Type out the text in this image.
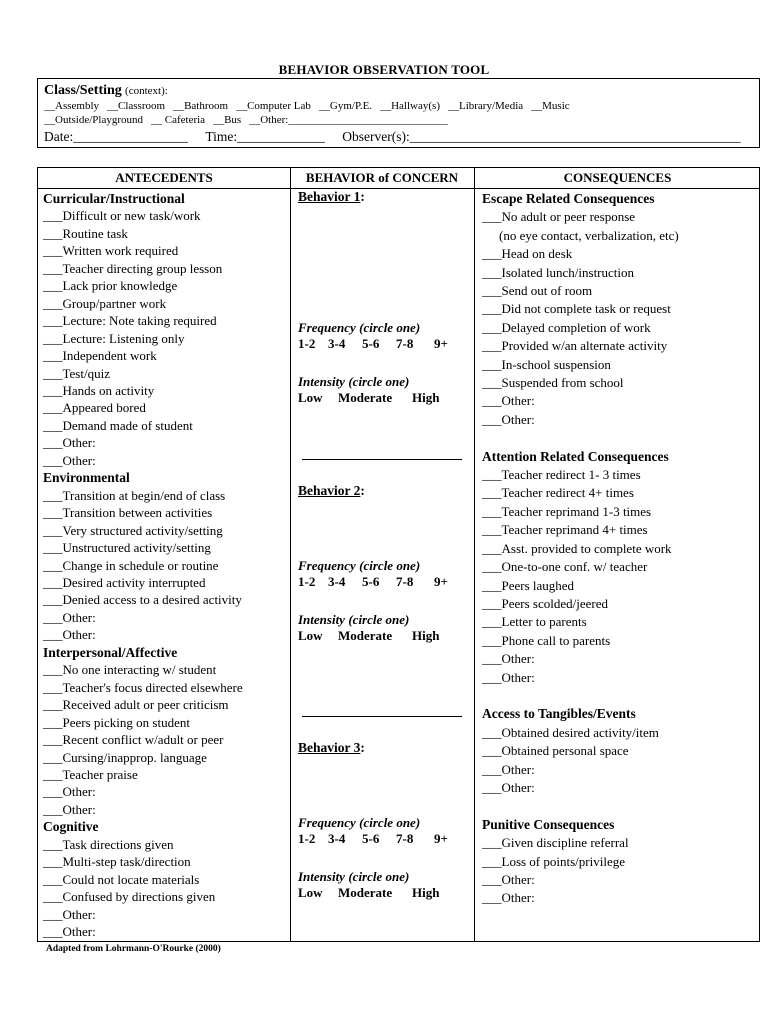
BEHAVIOR OBSERVATION TOOL
Class/Setting (context):
__Assembly __Classroom __Bathroom __Computer Lab __Gym/P.E. __Hallway(s) __Library/Media __Music
__Outside/Playground __ Cafeteria __Bus __Other:_____________________________
Date:_________________ Time:_____________ Observer(s):_________________________________________________
ANTECEDENTS	BEHAVIOR of CONCERN	CONSEQUENCES
Curricular/Instructional
___Difficult or new task/work
___Routine task
___Written work required
___Teacher directing group lesson
___Lack prior knowledge
___Group/partner work
___Lecture: Note taking required
___Lecture: Listening only
___Independent work
___Test/quiz
___Hands on activity
___Appeared bored
___Demand made of student
___Other:
___Other:
Environmental
___Transition at begin/end of class
___Transition between activities
___Very structured activity/setting
___Unstructured activity/setting
___Change in schedule or routine
___Desired activity interrupted
___Denied access to a desired activity
___Other:
___Other:
Interpersonal/Affective
___No one interacting w/ student
___Teacher's focus directed elsewhere
___Received adult or peer criticism
___Peers picking on student
___Recent conflict w/adult or peer
___Cursing/inapprop. language
___Teacher praise
___Other:
___Other:
Cognitive
___Task directions given
___Multi-step task/direction
___Could not locate materials
___Confused by directions given
___Other:
___Other:
Behavior 1:
Frequency (circle one)
1-2 3-4 5-6 7-8 9+
Intensity (circle one)
Low Moderate High
Behavior 2:
Frequency (circle one)
1-2 3-4 5-6 7-8 9+
Intensity (circle one)
Low Moderate High
Behavior 3:
Frequency (circle one)
1-2 3-4 5-6 7-8 9+
Intensity (circle one)
Low Moderate High
Escape Related Consequences
___No adult or peer response
(no eye contact, verbalization, etc)
___Head on desk
___Isolated lunch/instruction
___Send out of room
___Did not complete task or request
___Delayed completion of work
___Provided w/an alternate activity
___In-school suspension
___Suspended from school
___Other:
___Other:
Attention Related Consequences
___Teacher redirect 1- 3 times
___Teacher redirect 4+ times
___Teacher reprimand 1-3 times
___Teacher reprimand 4+ times
___Asst. provided to complete work
___One-to-one conf. w/ teacher
___Peers laughed
___Peers scolded/jeered
___Letter to parents
___Phone call to parents
___Other:
___Other:
Access to Tangibles/Events
___Obtained desired activity/item
___Obtained personal space
___Other:
___Other:
Punitive Consequences
___Given discipline referral
___Loss of points/privilege
___Other:
___Other:
Adapted from Lohrmann-O'Rourke (2000)
